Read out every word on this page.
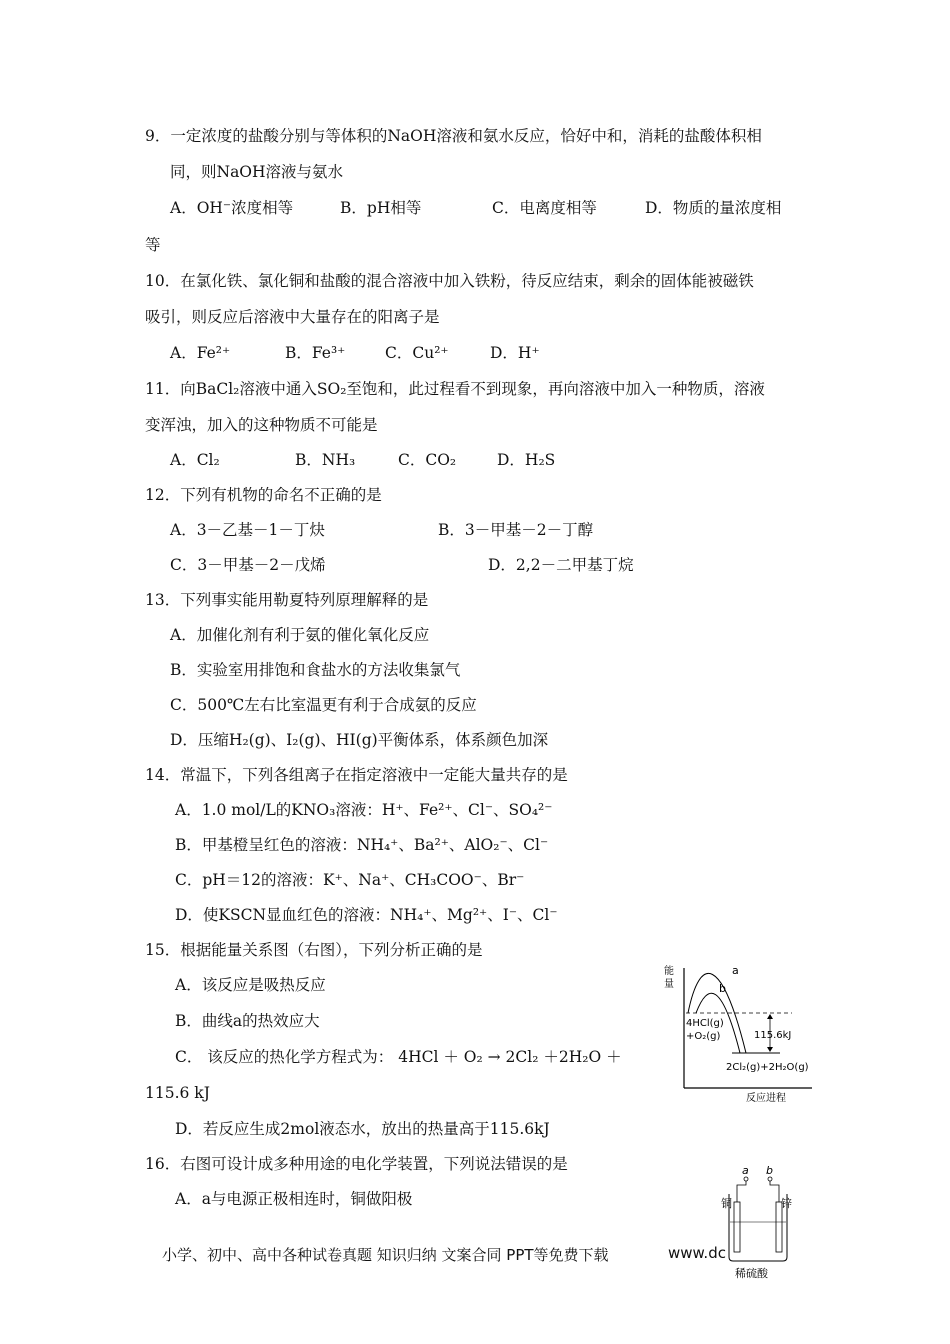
9．一定浓度的盐酸分别与等体积的NaOH溶液和氨水反应，恰好中和，消耗的盐酸体积相
同，则NaOH溶液与氨水
A．OH⁻浓度相等	B．pH相等	C．电离度相等	D．物质的量浓度相
等
10．在氯化铁、氯化铜和盐酸的混合溶液中加入铁粉，待反应结束，剩余的固体能被磁铁
吸引，则反应后溶液中大量存在的阳离子是
A．Fe²⁺	B．Fe³⁺	C．Cu²⁺	D．H⁺
11．向BaCl₂溶液中通入SO₂至饱和，此过程看不到现象，再向溶液中加入一种物质，溶液
变浑浊，加入的这种物质不可能是
A．Cl₂	B．NH₃	C．CO₂	D．H₂S
12．下列有机物的命名不正确的是
A．3－乙基－1－丁炔	B．3－甲基－2－丁醇
C．3－甲基－2－戊烯	D．2,2－二甲基丁烷
13．下列事实能用勒夏特列原理解释的是
A．加催化剂有利于氨的催化氧化反应
B．实验室用排饱和食盐水的方法收集氯气
C．500℃左右比室温更有利于合成氨的反应
D．压缩H₂(g)、I₂(g)、HI(g)平衡体系，体系颜色加深
14．常温下，下列各组离子在指定溶液中一定能大量共存的是
A．1.0 mol/L的KNO₃溶液：H⁺、Fe²⁺、Cl⁻、SO₄²⁻
B．甲基橙呈红色的溶液：NH₄⁺、Ba²⁺、AlO₂⁻、Cl⁻
C．pH＝12的溶液：K⁺、Na⁺、CH₃COO⁻、Br⁻
D．使KSCN显血红色的溶液：NH₄⁺、Mg²⁺、I⁻、Cl⁻
15．根据能量关系图（右图），下列分析正确的是
A．该反应是吸热反应
B．曲线a的热效应大
C． 该反应的热化学方程式为： 4HCl ＋ O₂ → 2Cl₂ ＋2H₂O ＋
115.6 kJ
D．若反应生成2mol液态水，放出的热量高于115.6kJ
16．右图可设计成多种用途的电化学装置，下列说法错误的是
A．a与电源正极相连时，铜做阳极
能
量
a
b
4HCl(g)
+O₂(g)	115.6kJ
2Cl₂(g)+2H₂O(g)
反应进程
a b
铜	锌
稀硫酸
小学、初中、高中各种试卷真题 知识归纳 文案合同 PPT等免费下载	www.dc
